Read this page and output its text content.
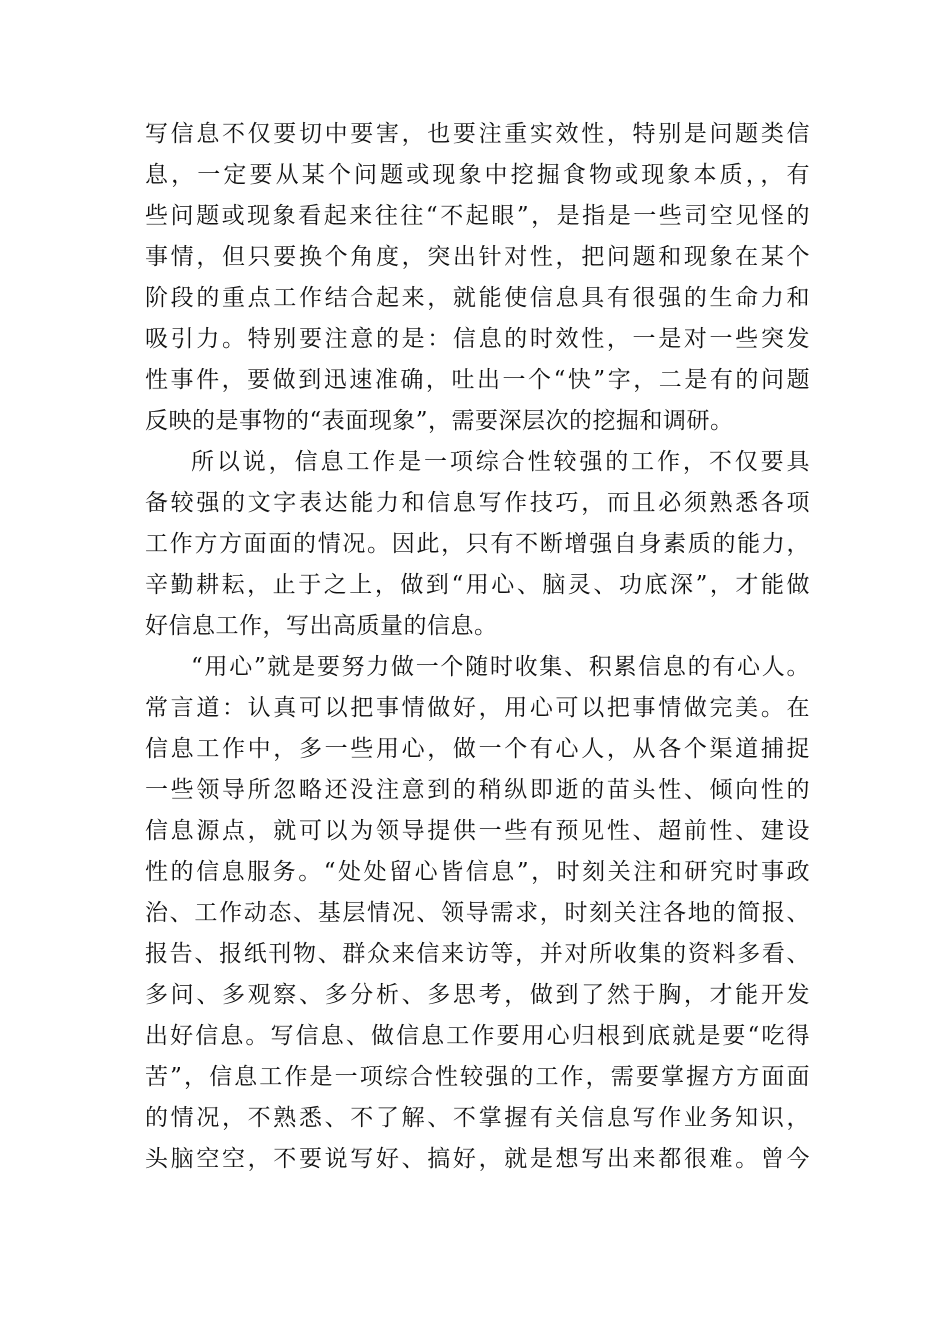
写信息不仅要切中要害，也要注重实效性，特别是问题类信
息，一定要从某个问题或现象中挖掘食物或现象本质，，有
些问题或现象看起来往往“不起眼”，是指是一些司空见怪的
事情，但只要换个角度，突出针对性，把问题和现象在某个
阶段的重点工作结合起来，就能使信息具有很强的生命力和
吸引力。特别要注意的是：信息的时效性，一是对一些突发
性事件，要做到迅速准确，吐出一个“快”字，二是有的问题
反映的是事物的“表面现象”，需要深层次的挖掘和调研。

所以说，信息工作是一项综合性较强的工作，不仅要具
备较强的文字表达能力和信息写作技巧，而且必须熟悉各项
工作方方面面的情况。因此，只有不断增强自身素质的能力，
辛勤耕耘，止于之上，做到“用心、脑灵、功底深”，才能做
好信息工作，写出高质量的信息。

“用心”就是要努力做一个随时收集、积累信息的有心人。
常言道：认真可以把事情做好，用心可以把事情做完美。在
信息工作中，多一些用心，做一个有心人，从各个渠道捕捉
一些领导所忽略还没注意到的稍纵即逝的苗头性、倾向性的
信息源点，就可以为领导提供一些有预见性、超前性、建设
性的信息服务。“处处留心皆信息”，时刻关注和研究时事政
治、工作动态、基层情况、领导需求，时刻关注各地的简报、
报告、报纸刊物、群众来信来访等，并对所收集的资料多看、
多问、多观察、多分析、多思考，做到了然于胸，才能开发
出好信息。写信息、做信息工作要用心归根到底就是要“吃得
苦”，信息工作是一项综合性较强的工作，需要掌握方方面面
的情况，不熟悉、不了解、不掌握有关信息写作业务知识，
头脑空空，不要说写好、搞好，就是想写出来都很难。曾今
